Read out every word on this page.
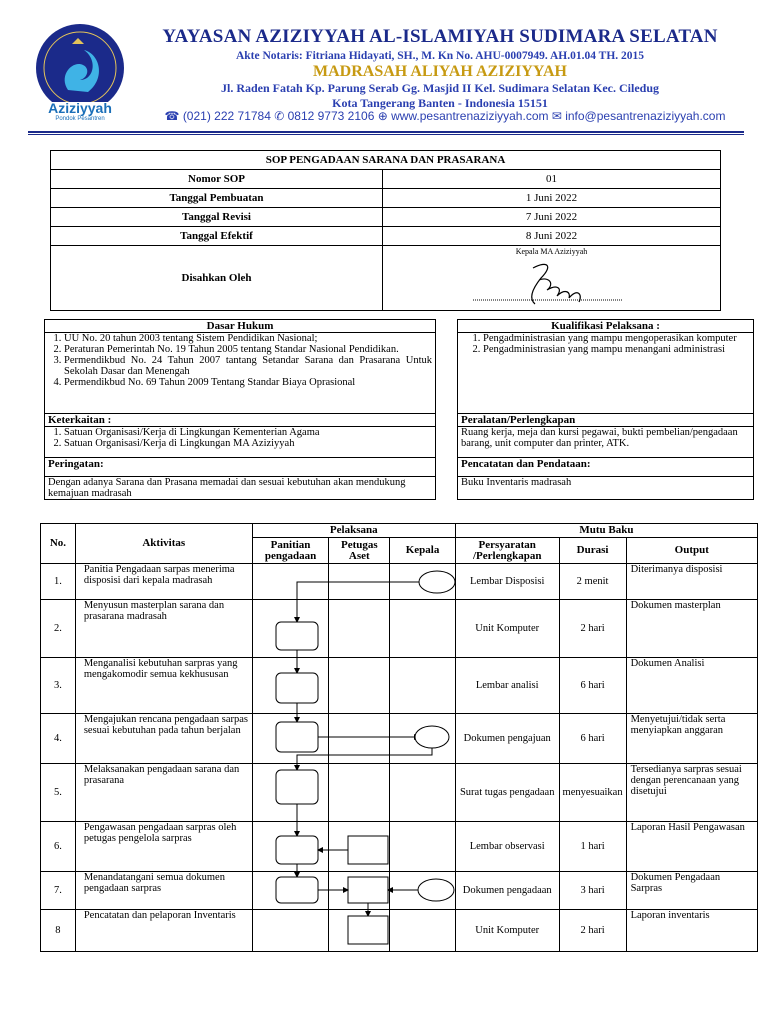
Aziziyyah
Pondok Pesantren
YAYASAN AZIZIYYAH AL-ISLAMIYAH SUDIMARA SELATAN
Akte Notaris: Fitriana Hidayati, SH., M. Kn No. AHU-0007949. AH.01.04 TH. 2015
MADRASAH ALIYAH AZIZIYYAH
Jl. Raden Fatah Kp. Parung Serab Gg. Masjid II Kel. Sudimara Selatan Kec. Ciledug
Kota Tangerang Banten - Indonesia 15151
☎ (021) 222 71784 ✆ 0812 9773 2106 ⊕ www.pesantrenaziziyyah.com ✉ info@pesantrenaziziyyah.com
SOP PENGADAAN SARANA DAN PRASARANA	
Nomor SOP	01
Tanggal Pembuatan	1 Juni 2022
Tanggal Revisi	7 Juni 2022
Tanggal Efektif	8 Juni 2022
Disahkan Oleh	Kepala MA Aziziyyah
Dasar Hukum

1. UU No. 20 tahun 2003 tentang Sistem Pendidikan Nasional;
2. Peraturan Pemerintah No. 19 Tahun 2005 tentang Standar Nasional Pendidikan.
3. Permendikbud No. 24 Tahun 2007 tantang Setandar Sarana dan Prasarana Untuk Sekolah Dasar dan Menengah
4. Permendikbud No. 69 Tahun 2009 Tentang Standar Biaya Oprasional

Keterkaitan :

1. Satuan Organisasi/Kerja di Lingkungan Kementerian Agama
2. Satuan Organisasi/Kerja di Lingkungan MA Aziziyyah

Peringatan:
Dengan adanya Sarana dan Prasana memadai dan sesuai kebutuhan akan mendukung kemajuan madrasah
Kualifikasi Pelaksana :

1. Pengadministrasian yang mampu mengoperasikan komputer
2. Pengadministrasian yang mampu menangani administrasi

Peralatan/Perlengkapan
Ruang kerja, meja dan kursi pegawai, bukti pembelian/pengadaan barang, unit computer dan printer, ATK.
Pencatatan dan Pendataan:
Buku Inventaris madrasah
No.	Aktivitas	Pelaksana			Mutu Baku		
		Panitian pengadaan	Petugas Aset	Kepala	Persyaratan /Perlengkapan	Durasi	Output
1.	Panitia Pengadaan sarpas menerima disposisi dari kepala madrasah				Lembar Disposisi	2 menit	Diterimanya disposisi
2.	Menyusun masterplan sarana dan prasarana madrasah				Unit Komputer	2 hari	Dokumen masterplan
3.	Menganalisi kebutuhan sarpras yang mengakomodir semua kekhususan				Lembar analisi	6 hari	Dokumen Analisi
4.	Mengajukan rencana pengadaan sarpas sesuai kebutuhan pada tahun berjalan				Dokumen pengajuan	6 hari	Menyetujui/tidak serta menyiapkan anggaran
5.	Melaksanakan pengadaan sarana dan prasarana				Surat tugas pengadaan	menyesuaikan	Tersedianya sarpras sesuai dengan perencanaan yang disetujui
6.	Pengawasan pengadaan sarpras oleh petugas pengelola sarpras				Lembar observasi	1 hari	Laporan Hasil Pengawasan
7.	Menandatangani semua dokumen pengadaan sarpras				Dokumen pengadaan	3 hari	Dokumen Pengadaan Sarpras
8	Pencatatan dan pelaporan Inventaris				Unit Komputer	2 hari	Laporan inventaris
